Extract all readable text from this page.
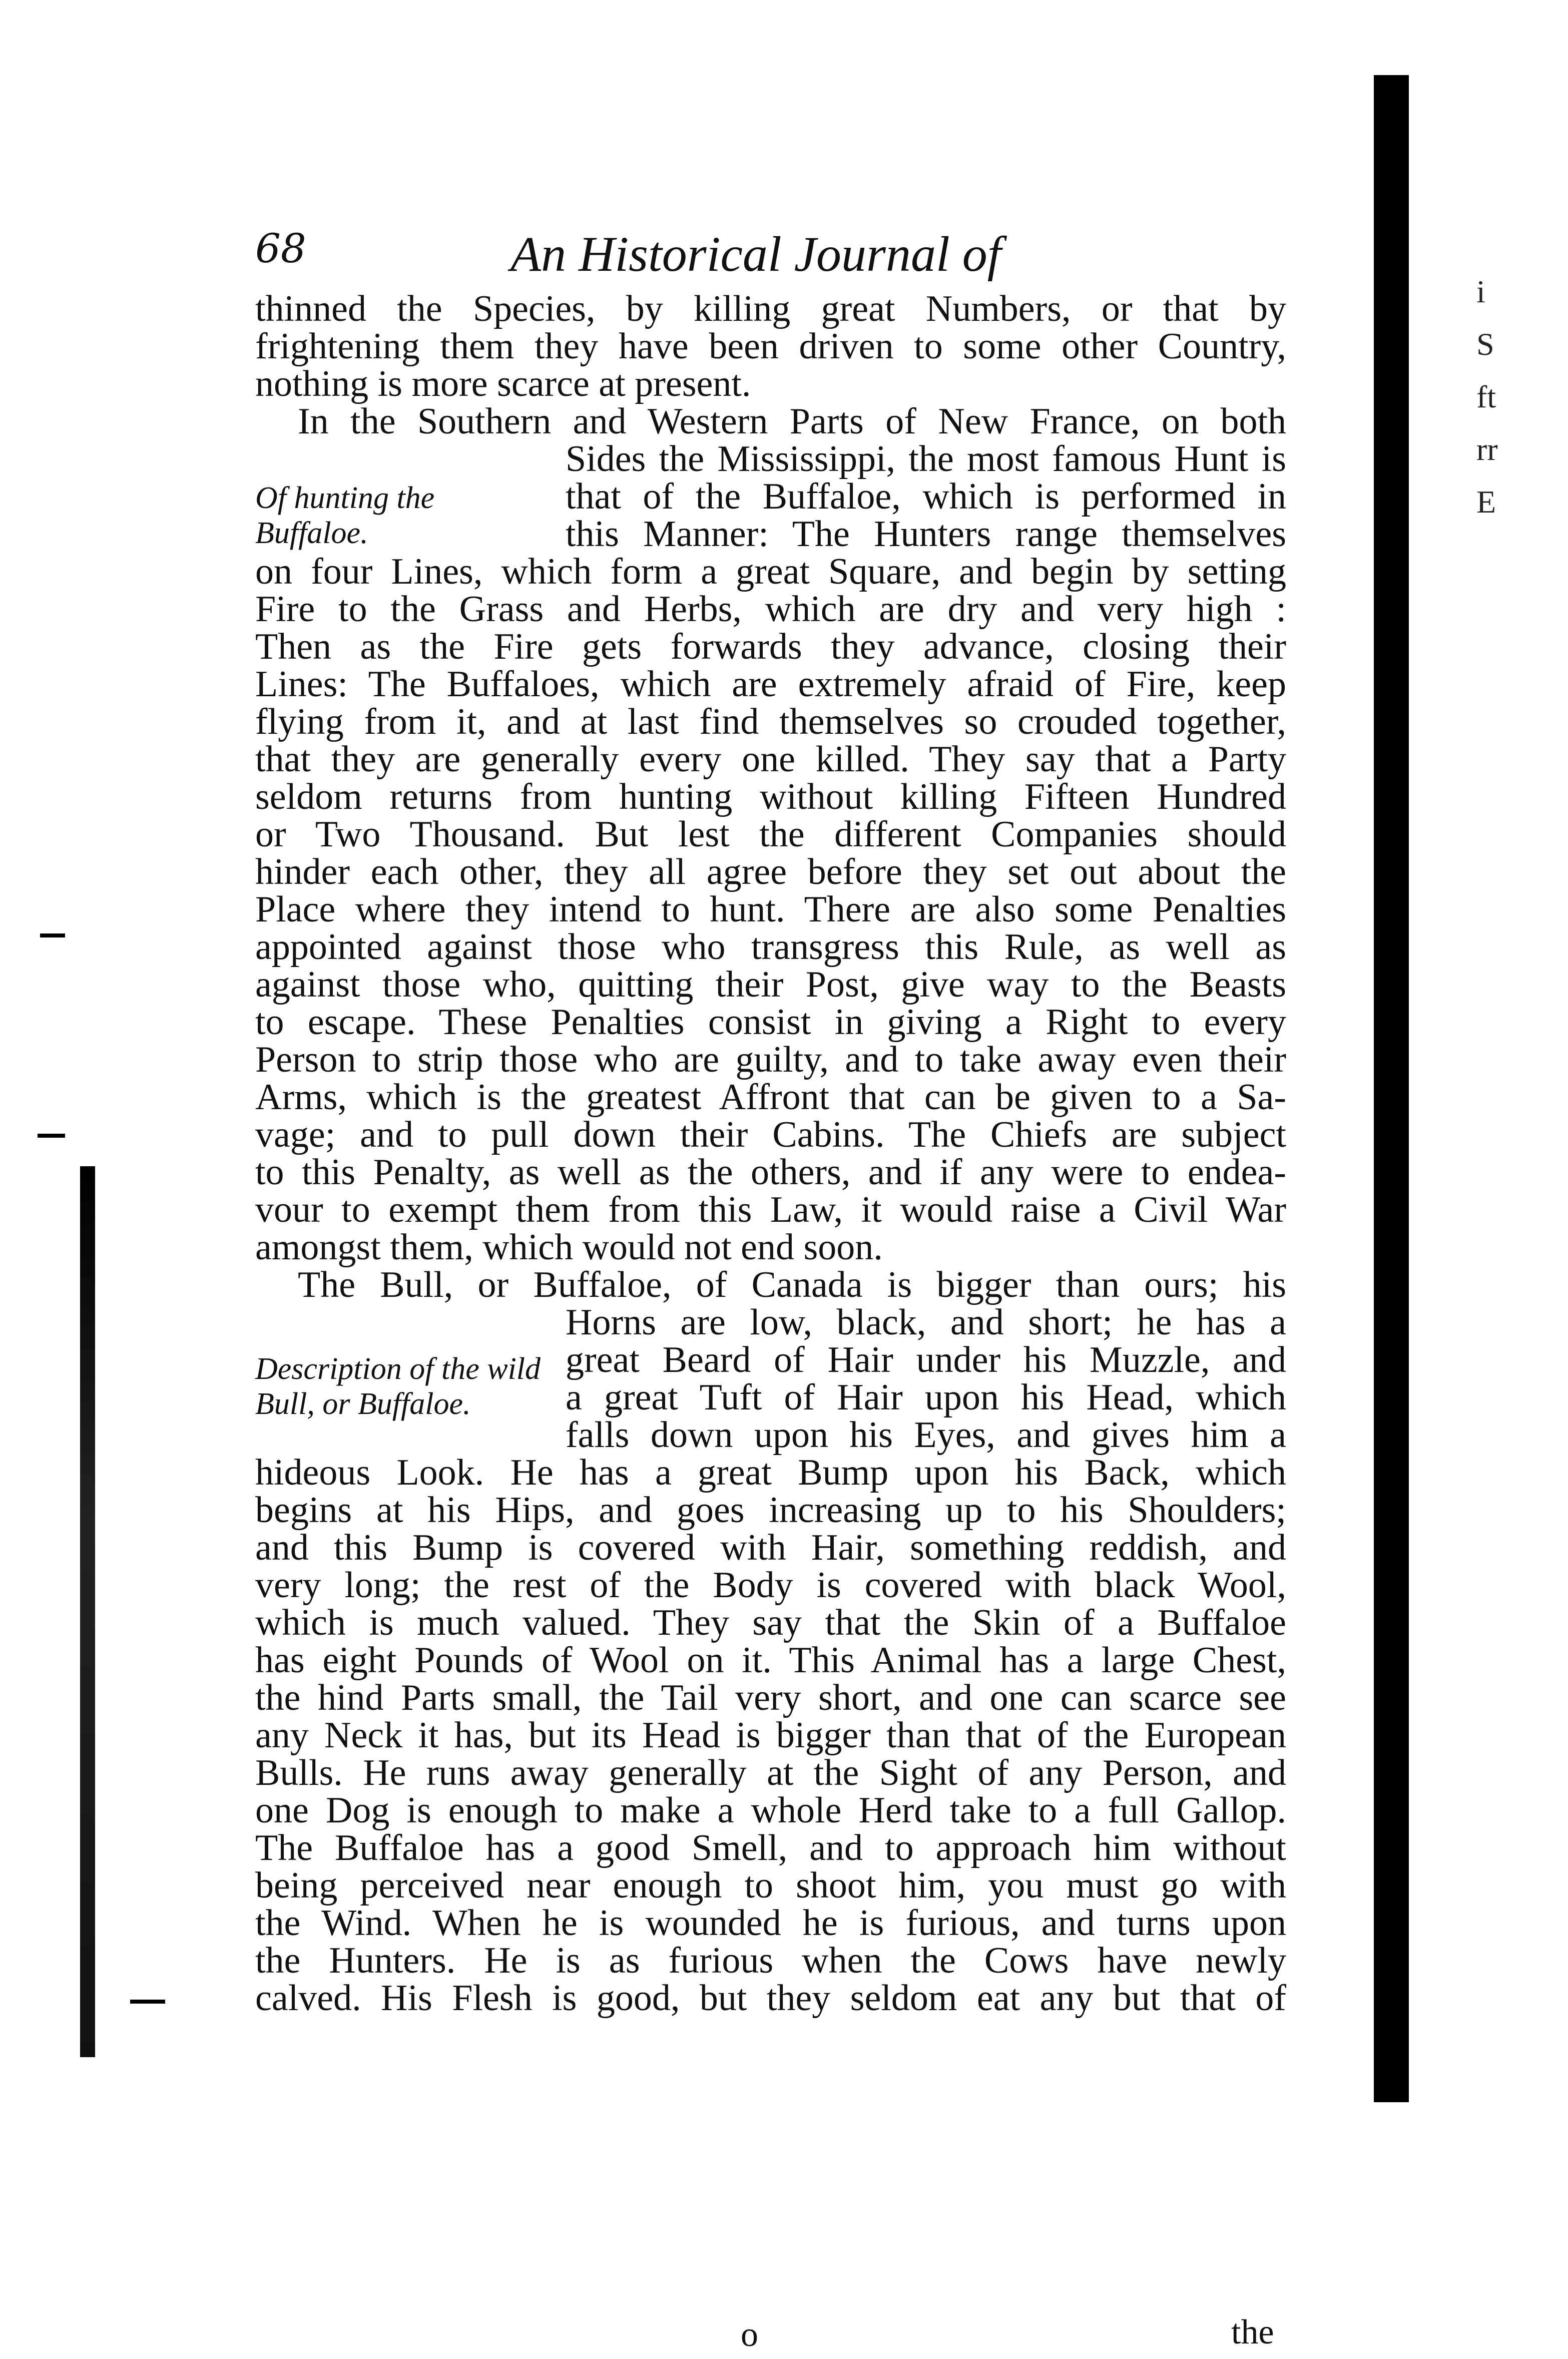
i
S
ft
rr
E
68	An Historical Journal of
Of hunting the Buffaloe.
Description of the wild Bull, or Buffaloe.
thinned the Species, by killing great Numbers, or that by
frightening them they have been driven to some other Country,
nothing is more scarce at present.
In the Southern and Western Parts of New France, on both
Sides the Mississippi, the most famous Hunt is
that of the Buffaloe, which is performed in
this Manner: The Hunters range themselves
on four Lines, which form a great Square, and begin by setting
Fire to the Grass and Herbs, which are dry and very high :
Then as the Fire gets forwards they advance, closing their
Lines: The Buffaloes, which are extremely afraid of Fire, keep
flying from it, and at last find themselves so crouded together,
that they are generally every one killed. They say that a Party
seldom returns from hunting without killing Fifteen Hundred
or Two Thousand. But lest the different Companies should
hinder each other, they all agree before they set out about the
Place where they intend to hunt. There are also some Penalties
appointed against those who transgress this Rule, as well as
against those who, quitting their Post, give way to the Beasts
to escape. These Penalties consist in giving a Right to every
Person to strip those who are guilty, and to take away even their
Arms, which is the greatest Affront that can be given to a Sa-
vage; and to pull down their Cabins. The Chiefs are subject
to this Penalty, as well as the others, and if any were to endea-
vour to exempt them from this Law, it would raise a Civil War
amongst them, which would not end soon.
The Bull, or Buffaloe, of Canada is bigger than ours; his
Horns are low, black, and short; he has a
great Beard of Hair under his Muzzle, and
a great Tuft of Hair upon his Head, which
falls down upon his Eyes, and gives him a
hideous Look. He has a great Bump upon his Back, which
begins at his Hips, and goes increasing up to his Shoulders;
and this Bump is covered with Hair, something reddish, and
very long; the rest of the Body is covered with black Wool,
which is much valued. They say that the Skin of a Buffaloe
has eight Pounds of Wool on it. This Animal has a large Chest,
the hind Parts small, the Tail very short, and one can scarce see
any Neck it has, but its Head is bigger than that of the European
Bulls. He runs away generally at the Sight of any Person, and
one Dog is enough to make a whole Herd take to a full Gallop.
The Buffaloe has a good Smell, and to approach him without
being perceived near enough to shoot him, you must go with
the Wind. When he is wounded he is furious, and turns upon
the Hunters. He is as furious when the Cows have newly
calved. His Flesh is good, but they seldom eat any but that of
o	the
